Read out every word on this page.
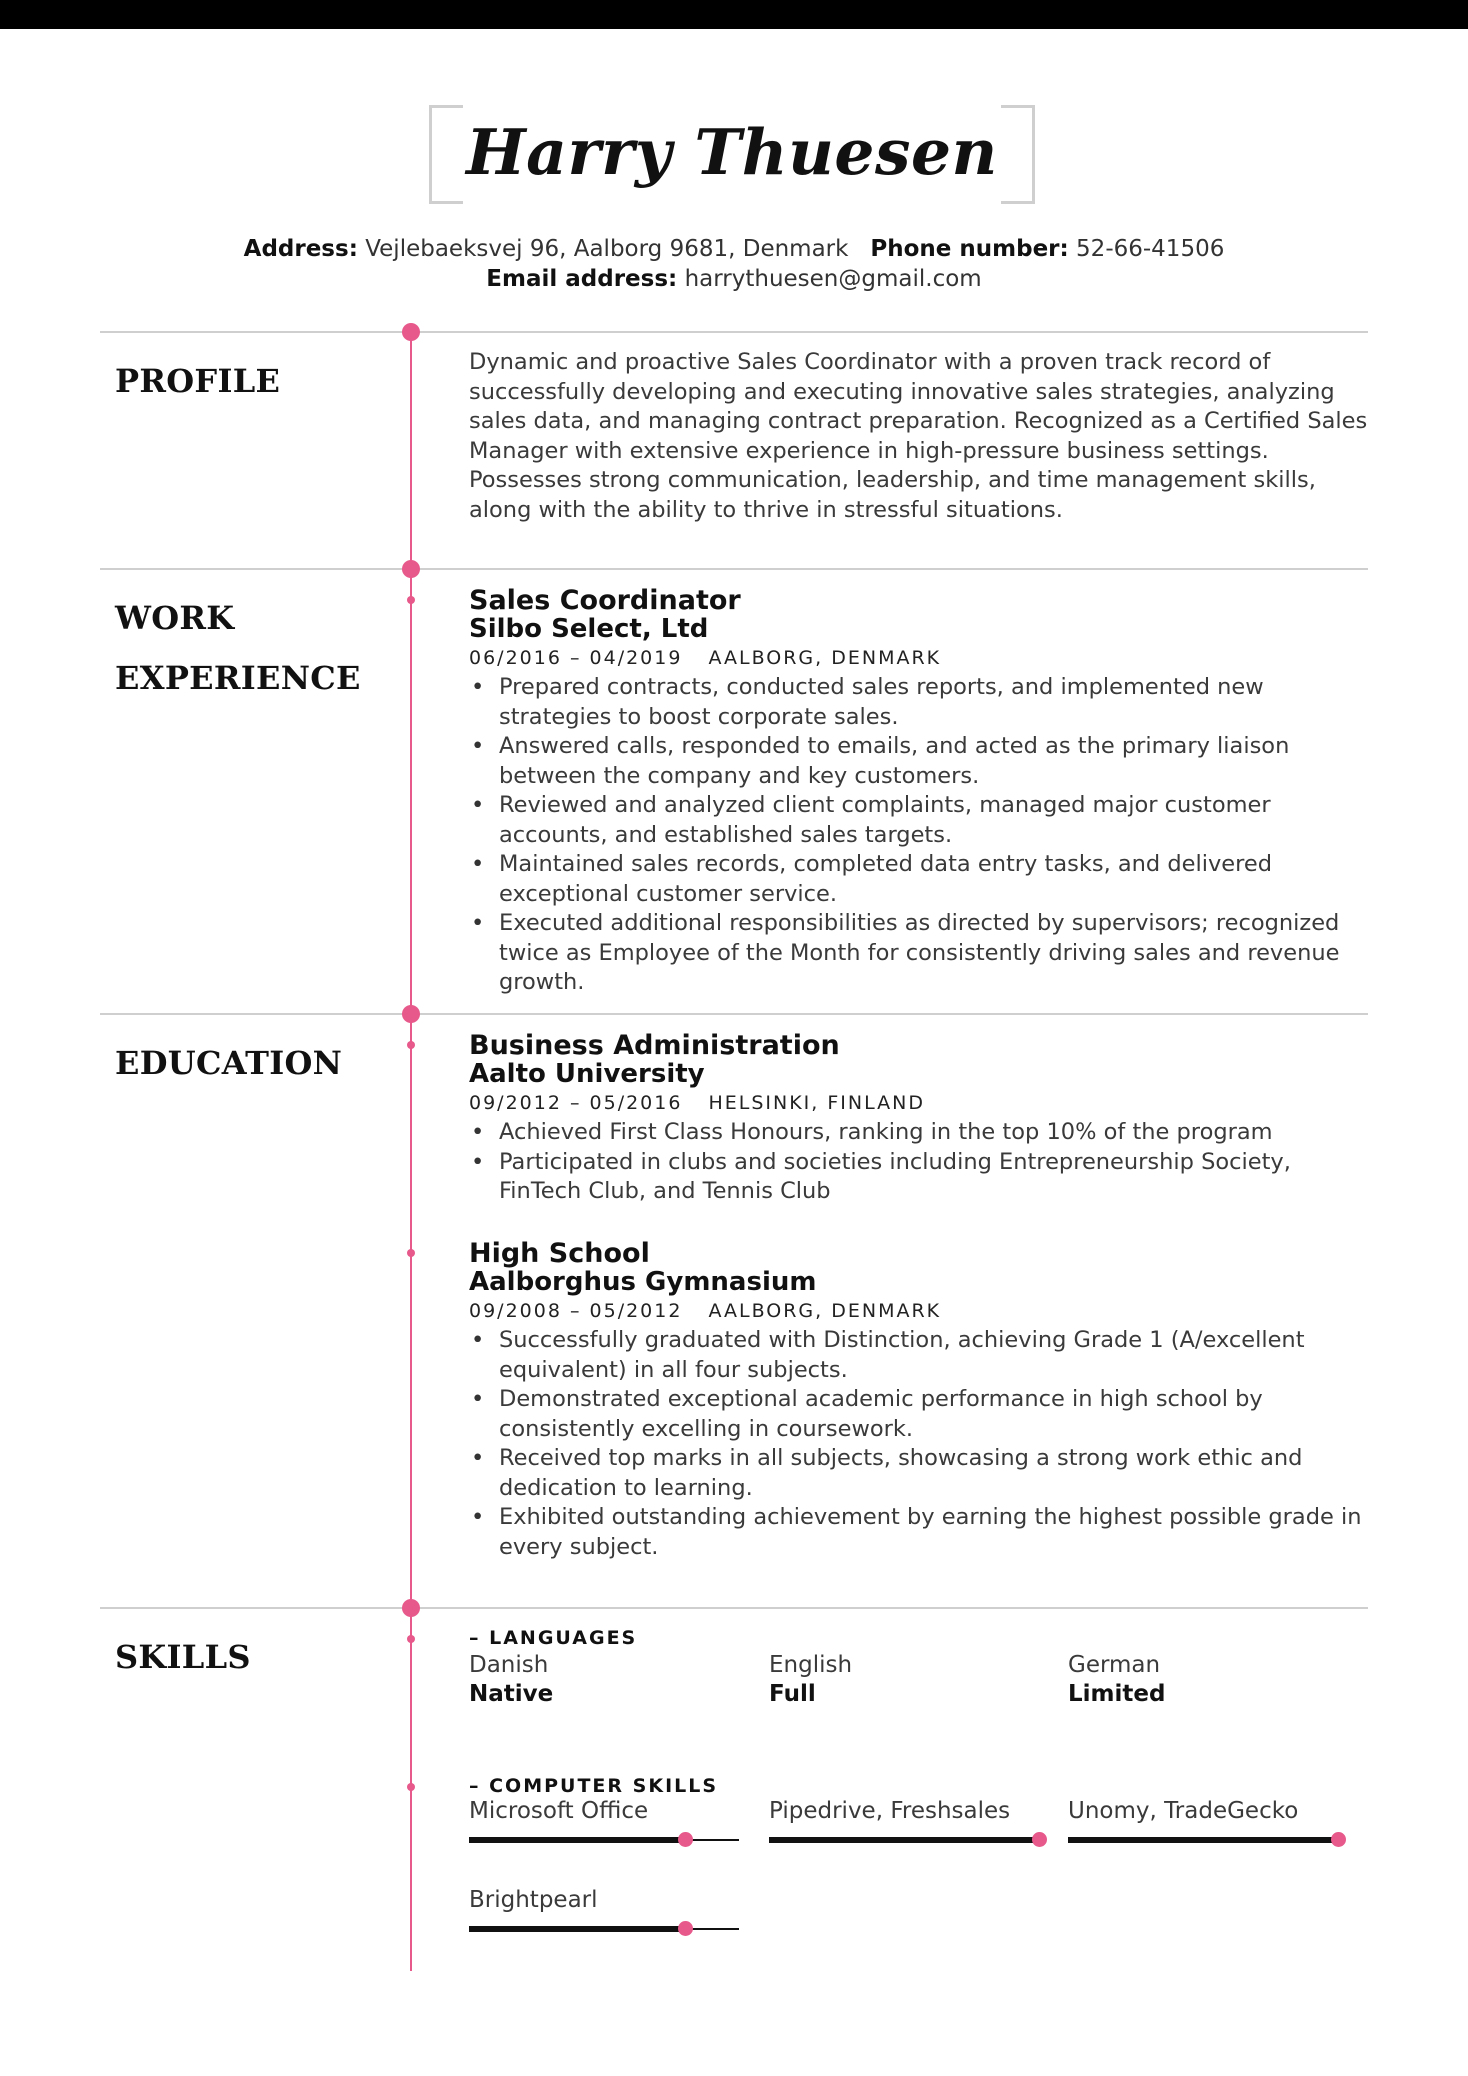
Harry Thuesen
Address: Vejlebaeksvej 96, Aalborg 9681, Denmark Phone number: 52-66-41506
Email address: harrythuesen@gmail.com
PROFILE
WORK
EXPERIENCE
EDUCATION
SKILLS

Dynamic and proactive Sales Coordinator with a proven track record of successfully developing and executing innovative sales strategies, analyzing sales data, and managing contract preparation. Recognized as a Certified Sales Manager with extensive experience in high-pressure business settings. Possesses strong communication, leadership, and time management skills, along with the ability to thrive in stressful situations.

Sales Coordinator
Silbo Select, Ltd
06/2016 – 04/2019 AALBORG, DENMARK
• Prepared contracts, conducted sales reports, and implemented new strategies to boost corporate sales.
• Answered calls, responded to emails, and acted as the primary liaison between the company and key customers.
• Reviewed and analyzed client complaints, managed major customer accounts, and established sales targets.
• Maintained sales records, completed data entry tasks, and delivered exceptional customer service.
• Executed additional responsibilities as directed by supervisors; recognized twice as Employee of the Month for consistently driving sales and revenue growth.
Business Administration
Aalto University
09/2012 – 05/2016 HELSINKI, FINLAND
• Achieved First Class Honours, ranking in the top 10% of the program
• Participated in clubs and societies including Entrepreneurship Society, FinTech Club, and Tennis Club
High School
Aalborghus Gymnasium
09/2008 – 05/2012 AALBORG, DENMARK
• Successfully graduated with Distinction, achieving Grade 1 (A/excellent equivalent) in all four subjects.
• Demonstrated exceptional academic performance in high school by consistently excelling in coursework.
• Received top marks in all subjects, showcasing a strong work ethic and dedication to learning.
• Exhibited outstanding achievement by earning the highest possible grade in every subject.
– LANGUAGES
Danish
Native
English
Full
German
Limited
– COMPUTER SKILLS
Microsoft Office	Pipedrive, Freshsales	Unomy, TradeGecko
Brightpearl
